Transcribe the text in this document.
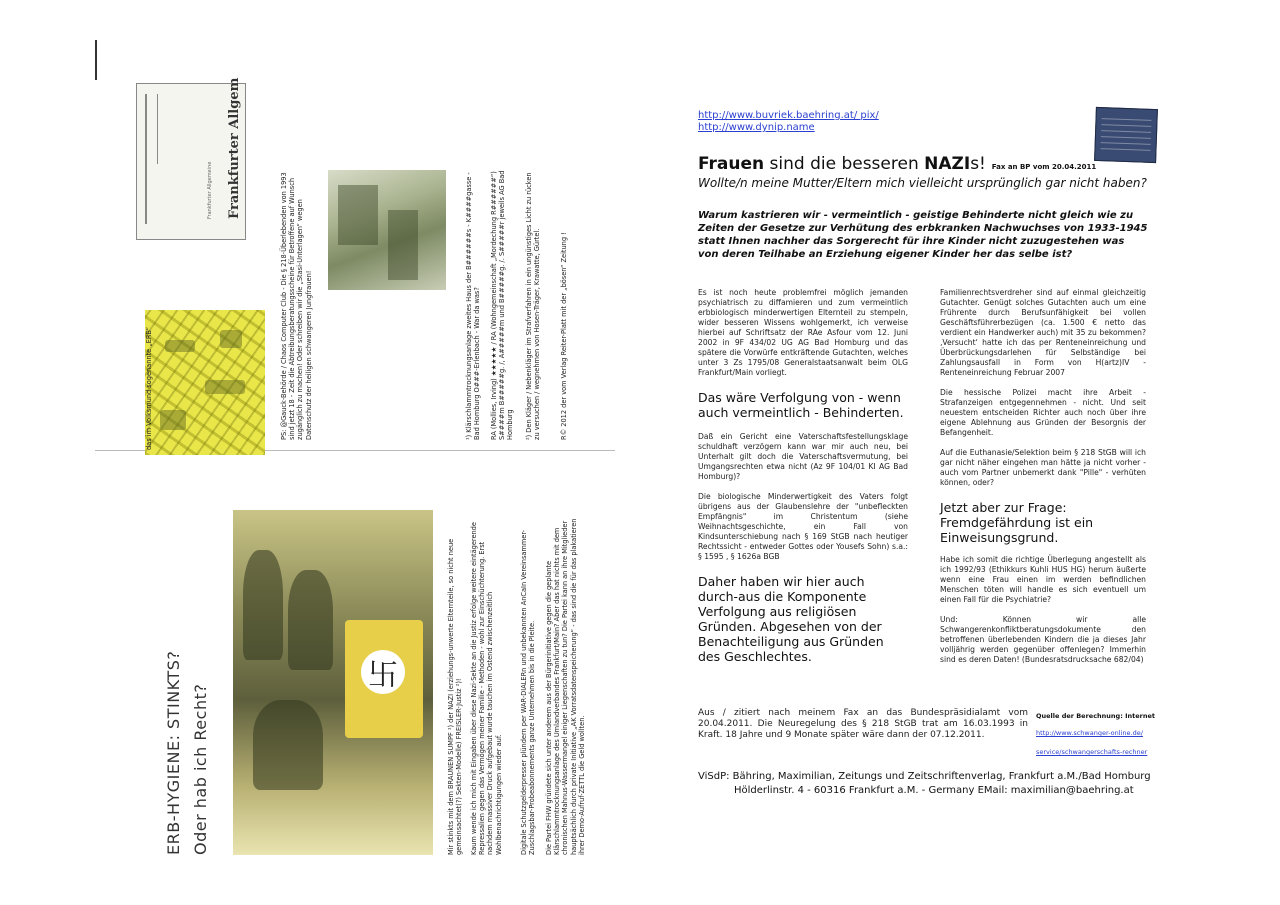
das im Volksmund sogenannte „ERB“
Frankfurter Allgem
Frankfurter Allgemeine	PS: @Gauck-Behörde / Chaos Computer Club - Die § 218-Überlebenden von 1993 sind jetzt 18 - Zeit die Abtreibungsberatungsscheine für Betroffene auf Wunsch zugänglich zu machen! Oder schreiben wir die „Stasi-Unterlagen“ wegen Datenschutz der heiligen schwangeren Jungfrauen!	¹) Klärschlammtrocknungsanlage zweites Haus der B######s - K####gasse - Bad Homburg O###-Erlenbach - War da was? RA (Mollies, Irving) ★★★★★ / RA (Wohngemeinschaft „Mordechung R######“) S####m B#####g. /, A#####m und B#####g. /. S#####r jeweils AG Bad Homburg ²) Den Kläger / Nebenkläger im Strafverfahren in ein ungünstiges Licht zu rücken zu versuchen / wegnehmen von Hosen-Träger, Krawatte, Gürtel.	R© 2012 der vom Verlag Reiter-Platt mit der „bösen“ Zeitung !
卐
ERB-HYGIENE: STINKTS? Oder hab ich Recht?	Mir stinkts mit dem BRAUNEN SUMPF ¹) der NAZI (erziehungs-unwerte Elternteile, so nicht neue gemeinsachtet(?) Sekten-Modelle) FREISLER-Justiz ²)! Kaum wende ich mich mit Eingaben über diese Nazi-Sekte an die Justiz erfolge weitere eintägerende Repressalien gegen das Vermögen meiner Familie - Methoden - wohl zur Einschüchterung. Erst nachdem massiver Druck aufgebaut wurde tauchen im Ostend zwischenzeitlich Wohlbenachrichtigungen wieder auf.	Digitale Schutzgelderpresser plündern per WAR-DIALERn und unbekannten AnCaIn Vereinsammer-Zuschlagsbar-Probeabonnements ganze Unternehmen bis in die Pleite. Die Partei FHW gründete sich unter anderem aus der Bürgerinitiative gegen die geplante Klärschlammtrocknungsanlage des Umlandverbandes Frankfurt/Main? Aber das hat nichts mit dem chronischen Mahnus-Wassermangel einiger Liegenschaften zu tun? Die Partei kann an ihre Mitglieder hauptsächlich durch private Initiative „AK Vorratsdatenspeicherung“ - das sind die für das plakatieren ihrer Demo-Aufruf-ZETTL die Geld wollten.
http://www.buvriek.baehring.at/ pix/
http://www.dynip.name
Frauen sind die besseren NAZIs! Fax an BP vom 20.04.2011
Wollte/n meine Mutter/Eltern mich vielleicht ursprünglich gar nicht haben?
Warum kastrieren wir - vermeintlich - geistige Behinderte nicht gleich wie zu Zeiten der Gesetze zur Verhütung des erbkranken Nachwuchses von 1933-1945 statt Ihnen nachher das Sorgerecht für ihre Kinder nicht zuzugestehen was von deren Teilhabe an Erziehung eigener Kinder her das selbe ist?

Es ist noch heute problemfrei möglich jemanden psychiatrisch zu diffamieren und zum vermeintlich erbbiologisch minderwertigen Elternteil zu stempeln, wider besseren Wissens wohlgemerkt, ich verweise hierbei auf Schriftsatz der RAe Asfour vom 12. Juni 2002 in 9F 434/02 UG AG Bad Homburg und das spätere die Vorwürfe entkräftende Gutachten, welches unter 3 Zs 1795/08 Generalstaatsanwalt beim OLG Frankfurt/Main vorliegt.

Das wäre Verfolgung von - wenn auch vermeintlich - Behinderten.

Daß ein Gericht eine Vaterschaftsfestellungsklage schuldhaft verzögern kann war mir auch neu, bei Unterhalt gilt doch die Vaterschaftsvermutung, bei Umgangsrechten etwa nicht (Az 9F 104/01 KI AG Bad Homburg)?

Die biologische Minderwertigkeit des Vaters folgt übrigens aus der Glaubenslehre der "unbefleckten Empfängnis" im Christentum (siehe Weihnachtsgeschichte, ein Fall von Kindsunterschiebung nach § 169 StGB nach heutiger Rechtssicht - entweder Gottes oder Yousefs Sohn) s.a.: § 1595 , § 1626a BGB

Daher haben wir hier auch durch-aus die Komponente Verfolgung aus religiösen Gründen. Abgesehen von der Benachteiligung aus Gründen des Geschlechtes.

Familienrechtsverdreher sind auf einmal gleichzeitig Gutachter. Genügt solches Gutachten auch um eine Frührente durch Berufsunfähigkeit bei vollen Geschäftsführerbezügen (ca. 1.500 € netto das verdient ein Handwerker auch) mit 35 zu bekommen? ‚Versucht‘ hatte ich das per Renteneinreichung und Überbrückungsdarlehen für Selbständige bei Zahlungsausfall in Form von H(artz)IV - Renteneinreichung Februar 2007

Die hessische Polizei macht ihre Arbeit - Strafanzeigen entgegennehmen - nicht. Und seit neuestem entscheiden Richter auch noch über ihre eigene Ablehnung aus Gründen der Besorgnis der Befangenheit.

Auf die Euthanasie/Selektion beim § 218 StGB will ich gar nicht näher eingehen man hätte ja nicht vorher - auch vom Partner unbemerkt dank "Pille" - verhüten können, oder?

Jetzt aber zur Frage: Fremdgefährdung ist ein Einweisungsgrund.

Habe ich somit die richtige Überlegung angestellt als ich 1992/93 (Ethikkurs Kuhli HUS HG) herum äußerte wenn eine Frau einen im werden befindlichen Menschen töten will handle es sich eventuell um einen Fall für die Psychiatrie?

Und: Können wir alle Schwangerenkonfliktberatungsdokumente den betroffenen überlebenden Kindern die ja dieses Jahr volljährig werden gegenüber offenlegen? Immerhin sind es deren Daten! (Bundesratsdrucksache 682/04)

Aus / zitiert nach meinem Fax an das Bundespräsidialamt vom 20.04.2011. Die Neuregelung des § 218 StGB trat am 16.03.1993 in Kraft. 18 Jahre und 9 Monate später wäre dann der 07.12.2011.
Quelle der Berechnung: Internet
http://www.schwanger-online.de/ service/schwangerschafts-rechner
ViSdP: Bähring, Maximilian, Zeitungs und Zeitschriftenverlag, Frankfurt a.M./Bad Homburg
Hölderlinstr. 4 - 60316 Frankfurt a.M. - Germany EMail: maximilian@baehring.at
